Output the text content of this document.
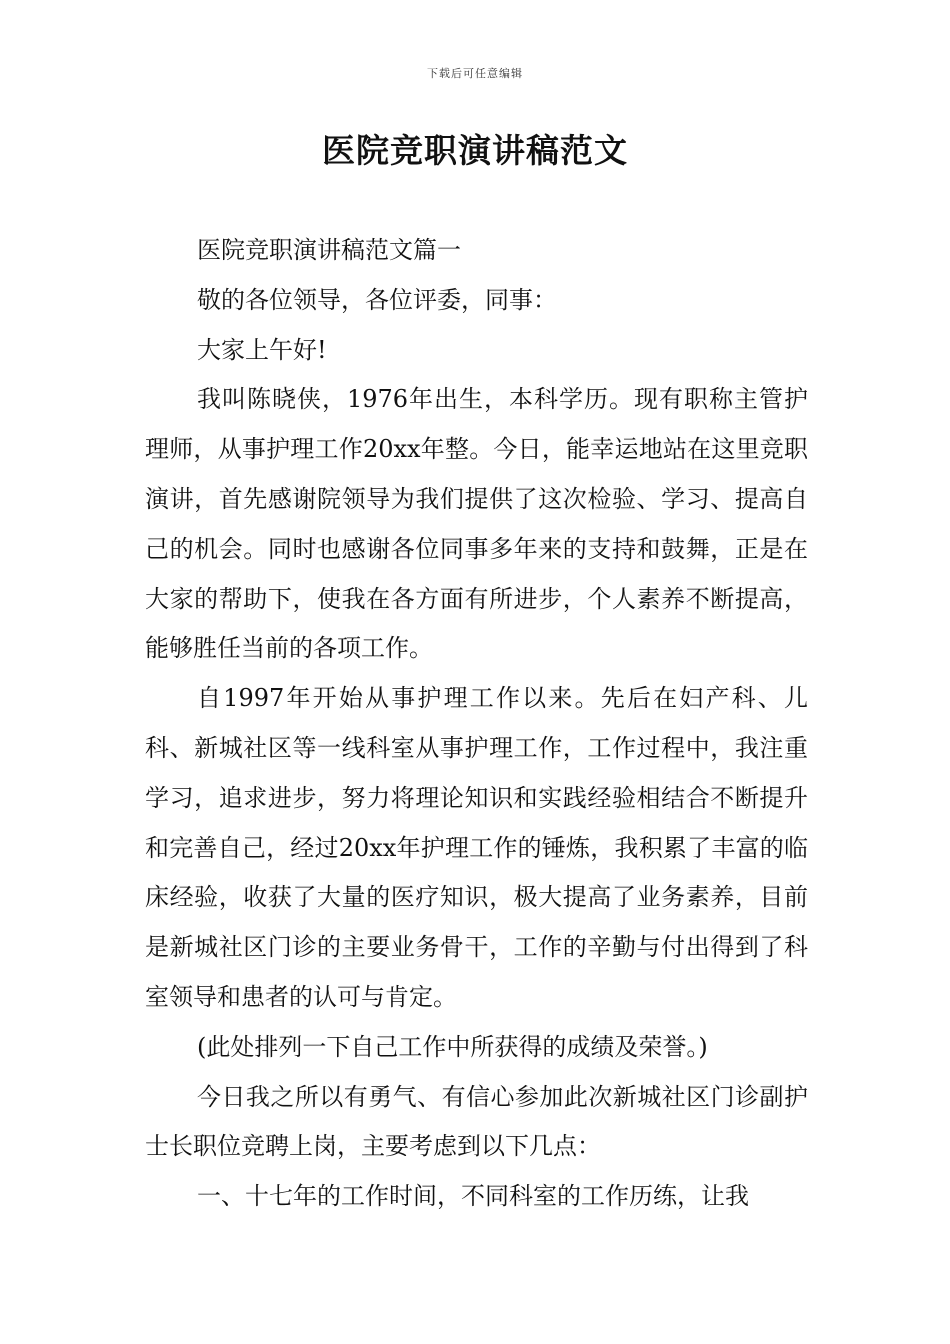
下载后可任意编辑
医院竞职演讲稿范文

医院竞职演讲稿范文篇一

敬的各位领导，各位评委，同事：

大家上午好!

我叫陈晓侠，1976年出生，本科学历。现有职称主管护理师，从事护理工作20xx年整。今日，能幸运地站在这里竞职演讲，首先感谢院领导为我们提供了这次检验、学习、提高自己的机会。同时也感谢各位同事多年来的支持和鼓舞，正是在大家的帮助下，使我在各方面有所进步，个人素养不断提高，能够胜任当前的各项工作。

自1997年开始从事护理工作以来。先后在妇产科、儿科、新城社区等一线科室从事护理工作，工作过程中，我注重学习，追求进步，努力将理论知识和实践经验相结合不断提升和完善自己，经过20xx年护理工作的锤炼，我积累了丰富的临床经验，收获了大量的医疗知识，极大提高了业务素养，目前是新城社区门诊的主要业务骨干，工作的辛勤与付出得到了科室领导和患者的认可与肯定。

(此处排列一下自己工作中所获得的成绩及荣誉。)

今日我之所以有勇气、有信心参加此次新城社区门诊副护士长职位竞聘上岗，主要考虑到以下几点：

一、十七年的工作时间，不同科室的工作历练，让我
